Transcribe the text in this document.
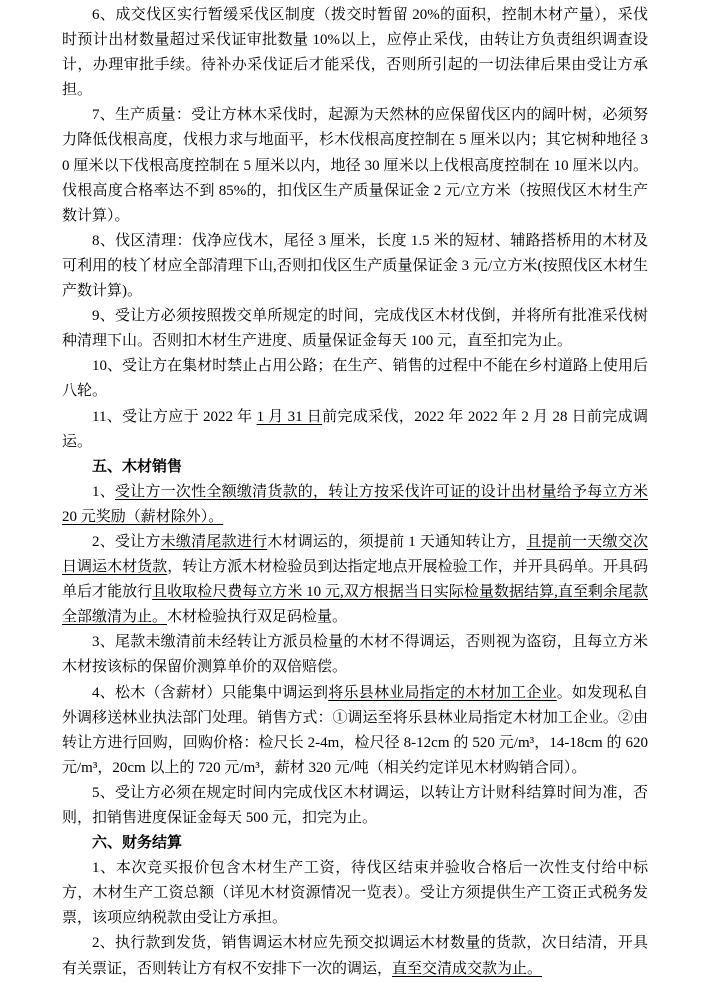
6、成交伐区实行暂缓采伐区制度（拨交时暂留 20%的面积，控制木材产量），采伐时预计出材数量超过采伐证审批数量 10%以上，应停止采伐，由转让方负责组织调查设计，办理审批手续。待补办采伐证后才能采伐，否则所引起的一切法律后果由受让方承担。

7、生产质量：受让方林木采伐时，起源为天然林的应保留伐区内的阔叶树，必须努力降低伐根高度，伐根力求与地面平，杉木伐根高度控制在 5 厘米以内；其它树种地径 30 厘米以下伐根高度控制在 5 厘米以内，地径 30 厘米以上伐根高度控制在 10 厘米以内。伐根高度合格率达不到 85%的，扣伐区生产质量保证金 2 元/立方米（按照伐区木材生产数计算）。

8、伐区清理：伐净应伐木，尾径 3 厘米，长度 1.5 米的短材、辅路搭桥用的木材及可利用的枝丫材应全部清理下山,否则扣伐区生产质量保证金 3 元/立方米(按照伐区木材生产数计算)。

9、受让方必须按照拨交单所规定的时间，完成伐区木材伐倒，并将所有批准采伐树种清理下山。否则扣木材生产进度、质量保证金每天 100 元，直至扣完为止。

10、受让方在集材时禁止占用公路；在生产、销售的过程中不能在乡村道路上使用后八轮。

11、受让方应于 2022 年 1 月 31 日前完成采伐，2022 年 2022 年 2 月 28 日前完成调运。

五、木材销售

1、受让方一次性全额缴清货款的，转让方按采伐许可证的设计出材量给予每立方米 20 元奖励（薪材除外）。

2、受让方未缴清尾款进行木材调运的，须提前 1 天通知转让方，且提前一天缴交次日调运木材货款，转让方派木材检验员到达指定地点开展检验工作，并开具码单。开具码单后才能放行且收取检尺费每立方米 10 元,双方根据当日实际检量数据结算,直至剩余尾款全部缴清为止。木材检验执行双足码检量。

3、尾款未缴清前未经转让方派员检量的木材不得调运，否则视为盗窃，且每立方米木材按该标的保留价测算单价的双倍赔偿。

4、松木（含薪材）只能集中调运到将乐县林业局指定的木材加工企业。如发现私自外调移送林业执法部门处理。销售方式：①调运至将乐县林业局指定木材加工企业。②由转让方进行回购，回购价格：检尺长 2-4m，检尺径 8-12cm 的 520 元/m³，14-18cm 的 620 元/m³，20cm 以上的 720 元/m³，薪材 320 元/吨（相关约定详见木材购销合同）。

5、受让方必须在规定时间内完成伐区木材调运，以转让方计财科结算时间为准，否则，扣销售进度保证金每天 500 元，扣完为止。

六、财务结算

1、本次竞买报价包含木材生产工资，待伐区结束并验收合格后一次性支付给中标方，木材生产工资总额（详见木材资源情况一览表）。受让方须提供生产工资正式税务发票，该项应纳税款由受让方承担。

2、执行款到发货，销售调运木材应先预交拟调运木材数量的货款，次日结清，开具有关票证，否则转让方有权不安排下一次的调运，直至交清成交款为止。
